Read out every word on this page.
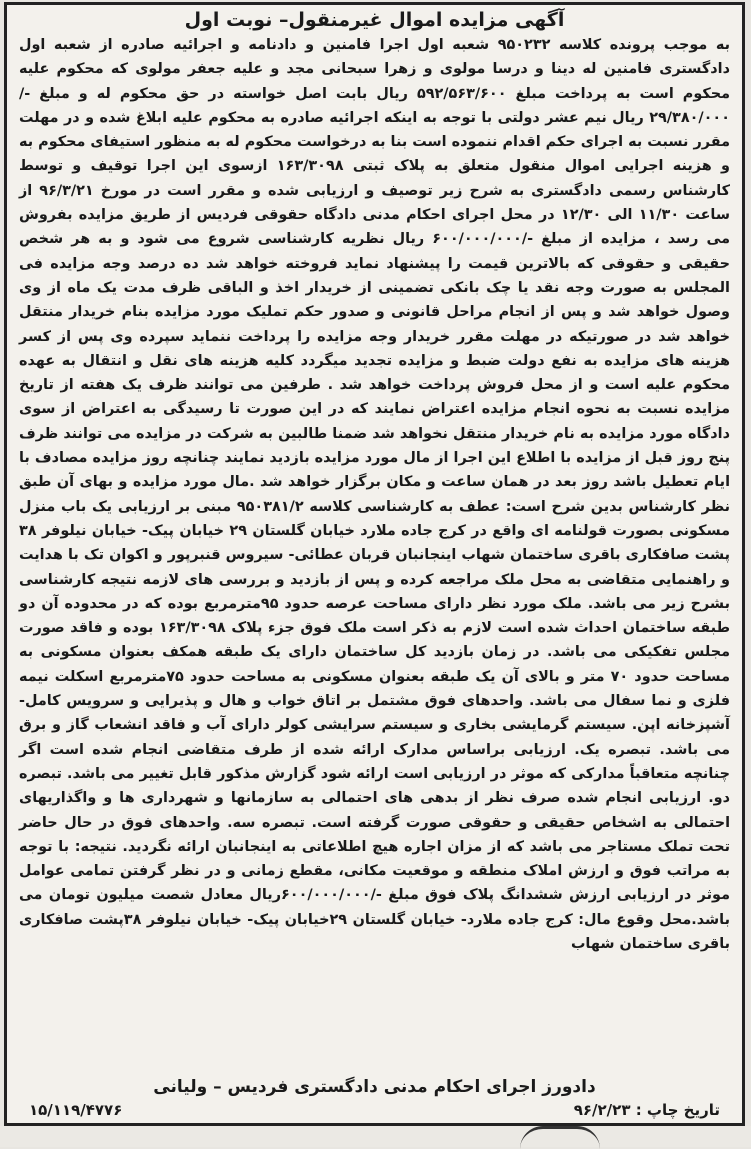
آگهی مزایده اموال غیرمنقول– نوبت اول

به موجب پرونده کلاسه ۹۵۰۲۳۲ شعبه اول اجرا فامنین و دادنامه و اجرائیه صادره از شعبه اول دادگستری فامنین له دینا و درسا مولوی و زهرا سبحانی مجد و علیه جعفر مولوی که محکوم علیه محکوم است به پرداخت مبلغ ۵۹۲/۵۶۳/۶۰۰ ریال بابت اصل خواسته در حق محکوم له و مبلغ -/۲۹/۳۸۰/۰۰۰ ریال نیم عشر دولتی با توجه به اینکه اجرائیه صادره به محکوم علیه ابلاغ شده و در مهلت مقرر نسبت به اجرای حکم اقدام ننموده است بنا به درخواست محکوم له به منظور استیفای محکوم به و هزینه اجرایی اموال منقول متعلق به پلاک ثبتی ۱۶۳/۳۰۹۸ ازسوی این اجرا توقیف و توسط کارشناس رسمی دادگستری به شرح زیر توصیف و ارزیابی شده و مقرر است در مورخ ۹۶/۳/۲۱ از ساعت ۱۱/۳۰ الی ۱۲/۳۰ در محل اجرای احکام مدنی دادگاه حقوقی فردیس از طریق مزایده بفروش می رسد ، مزایده از مبلغ -/۶۰۰/۰۰۰/۰۰۰ ریال نظریه کارشناسی شروع می شود و به هر شخص حقیقی و حقوقی که بالاترین قیمت را پیشنهاد نماید فروخته خواهد شد ده درصد وجه مزایده فی المجلس به صورت وجه نقد یا چک بانکی تضمینی از خریدار اخذ و الباقی ظرف مدت یک ماه از وی وصول خواهد شد و پس از انجام مراحل قانونی و صدور حکم تملیک مورد مزایده بنام خریدار منتقل خواهد شد در صورتیکه در مهلت مقرر خریدار وجه مزایده را پرداخت ننماید سپرده وی پس از کسر هزینه های مزایده به نفع دولت ضبط و مزایده تجدید میگردد کلیه هزینه های نقل و انتقال به عهده محکوم علیه است و از محل فروش پرداخت خواهد شد . طرفین می توانند ظرف یک هفته از تاریخ مزایده نسبت به نحوه انجام مزایده اعتراض نمایند که در این صورت تا رسیدگی به اعتراض از سوی دادگاه مورد مزایده به نام خریدار منتقل نخواهد شد ضمنا طالبین به شرکت در مزایده می توانند ظرف پنج روز قبل از مزایده با اطلاع این اجرا از مال مورد مزایده بازدید نمایند چنانچه روز مزایده مصادف با ایام تعطیل باشد روز بعد در همان ساعت و مکان برگزار خواهد شد .مال مورد مزایده و بهای آن طبق نظر کارشناس بدین شرح است: عطف به کارشناسی کلاسه ۹۵۰۳۸۱/۲ مبنی بر ارزیابی یک باب منزل مسکونی بصورت قولنامه ای واقع در کرج جاده ملارد خیابان گلستان ۲۹ خیابان پیک- خیابان نیلوفر ۳۸ پشت صافکاری باقری ساختمان شهاب اینجانبان قربان عطائی- سیروس قنبرپور و اکوان تک با هدایت و راهنمایی متقاضی به محل ملک مراجعه کرده و پس از بازدید و بررسی های لازمه نتیجه کارشناسی بشرح زیر می باشد. ملک مورد نظر دارای مساحت عرصه حدود ۹۵مترمربع بوده که در محدوده آن دو طبقه ساختمان احداث شده است لازم به ذکر است ملک فوق جزء پلاک ۱۶۳/۳۰۹۸ بوده و فاقد صورت مجلس تفکیکی می باشد. در زمان بازدید کل ساختمان دارای یک طبقه همکف بعنوان مسکونی به مساحت حدود ۷۰ متر و بالای آن یک طبقه بعنوان مسکونی به مساحت حدود ۷۵مترمربع اسکلت نیمه فلزی و نما سفال می باشد. واحدهای فوق مشتمل بر اتاق خواب و هال و پذیرایی و سرویس کامل- آشپزخانه اپن. سیستم گرمایشی بخاری و سیستم سرایشی کولر دارای آب و فاقد انشعاب گاز و برق می باشد. تبصره یک. ارزیابی براساس مدارک ارائه شده از طرف متقاضی انجام شده است اگر چنانچه متعاقباً مدارکی که موثر در ارزیابی است ارائه شود گزارش مذکور قابل تغییر می باشد. تبصره دو. ارزیابی انجام شده صرف نظر از بدهی های احتمالی به سازمانها و شهرداری ها و واگذاریهای احتمالی به اشخاص حقیقی و حقوقی صورت گرفته است. تبصره سه. واحدهای فوق در حال حاضر تحت تملک مستاجر می باشد که از مزان اجاره هیچ اطلاعاتی به اینجانبان ارائه نگردید. نتیجه: با توجه به مراتب فوق و ارزش املاک منطقه و موقعیت مکانی، مقطع زمانی و در نظر گرفتن تمامی عوامل موثر در ارزیابی ارزش ششدانگ پلاک فوق مبلغ -/۶۰۰/۰۰۰/۰۰۰ریال معادل شصت میلیون تومان می باشد.محل وقوع مال: کرج جاده ملارد- خیابان گلستان ۲۹خیابان پیک- خیابان نیلوفر ۳۸پشت صافکاری باقری ساختمان شهاب

دادورز اجرای احکام مدنی دادگستری فردیس – ولیانی
تاریخ چاپ : ۹۶/۲/۲۳
۱۵/۱۱۹/۴۷۷۶
